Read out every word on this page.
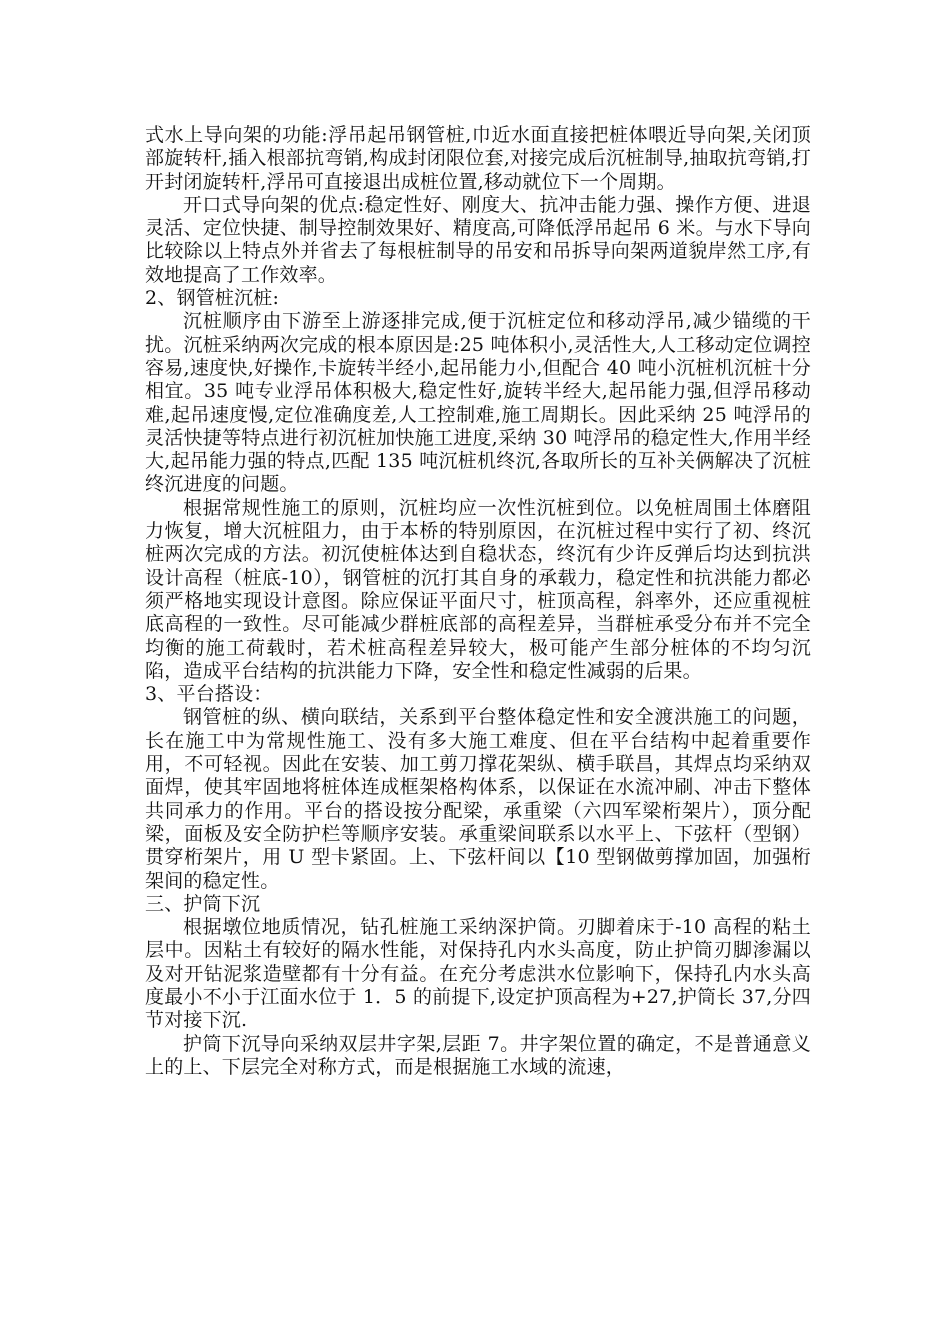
式水上导向架的功能:浮吊起吊钢管桩,巾近水面直接把桩体喂近导向架,关闭顶部旋转杆,插入根部抗弯销,构成封闭限位套,对接完成后沉桩制导,抽取抗弯销,打开封闭旋转杆,浮吊可直接退出成桩位置,移动就位下一个周期。

开口式导向架的优点:稳定性好、刚度大、抗冲击能力强、操作方便、进退灵活、定位快捷、制导控制效果好、精度高,可降低浮吊起吊 6 米。与水下导向比较除以上特点外并省去了每根桩制导的吊安和吊拆导向架两道貌岸然工序,有效地提高了工作效率。

2、钢管桩沉桩:

沉桩顺序由下游至上游逐排完成,便于沉桩定位和移动浮吊,减少锚缆的干扰。沉桩采纳两次完成的根本原因是:25 吨体积小,灵活性大,人工移动定位调控容易,速度快,好操作,卡旋转半经小,起吊能力小,但配合 40 吨小沉桩机沉桩十分相宜。35 吨专业浮吊体积极大,稳定性好,旋转半经大,起吊能力强,但浮吊移动难,起吊速度慢,定位准确度差,人工控制难,施工周期长。因此采纳 25 吨浮吊的灵活快捷等特点进行初沉桩加快施工进度,采纳 30 吨浮吊的稳定性大,作用半经大,起吊能力强的特点,匹配 135 吨沉桩机终沉,各取所长的互补关俩解决了沉桩终沉进度的问题。

根据常规性施工的原则，沉桩均应一次性沉桩到位。以免桩周围土体磨阻力恢复，增大沉桩阻力，由于本桥的特别原因，在沉桩过程中实行了初、终沉桩两次完成的方法。初沉使桩体达到自稳状态，终沉有少许反弹后均达到抗洪设计高程（桩底-10），钢管桩的沉打其自身的承载力，稳定性和抗洪能力都必须严格地实现设计意图。除应保证平面尺寸，桩顶高程，斜率外，还应重视桩底高程的一致性。尽可能减少群桩底部的高程差异，当群桩承受分布并不完全均衡的施工荷载时，若术桩高程差异较大，极可能产生部分桩体的不均匀沉陷，造成平台结构的抗洪能力下降，安全性和稳定性减弱的后果。

3、平台搭设：

钢管桩的纵、横向联结，关系到平台整体稳定性和安全渡洪施工的问题，长在施工中为常规性施工、没有多大施工难度、但在平台结构中起着重要作用，不可轻视。因此在安装、加工剪刀撑花架纵、横手联昌，其焊点均采纳双面焊，使其牢固地将桩体连成框架格构体系，以保证在水流冲刷、冲击下整体共同承力的作用。平台的搭设按分配梁，承重梁（六四军梁桁架片），顶分配梁，面板及安全防护栏等顺序安装。承重梁间联系以水平上、下弦杆（型钢）贯穿桁架片，用 U 型卡紧固。上、下弦杆间以【10 型钢做剪撑加固，加强桁架间的稳定性。

三、护筒下沉

根据墩位地质情况，钻孔桩施工采纳深护筒。刃脚着床于-10 高程的粘土层中。因粘土有较好的隔水性能，对保持孔内水头高度，防止护筒刃脚渗漏以及对开钻泥浆造壁都有十分有益。在充分考虑洪水位影响下，保持孔内水头高度最小不小于江面水位于 1．5 的前提下,设定护顶高程为+27,护筒长 37,分四节对接下沉.

护筒下沉导向采纳双层井字架,层距 7。井字架位置的确定，不是普通意义上的上、下层完全对称方式，而是根据施工水域的流速，
